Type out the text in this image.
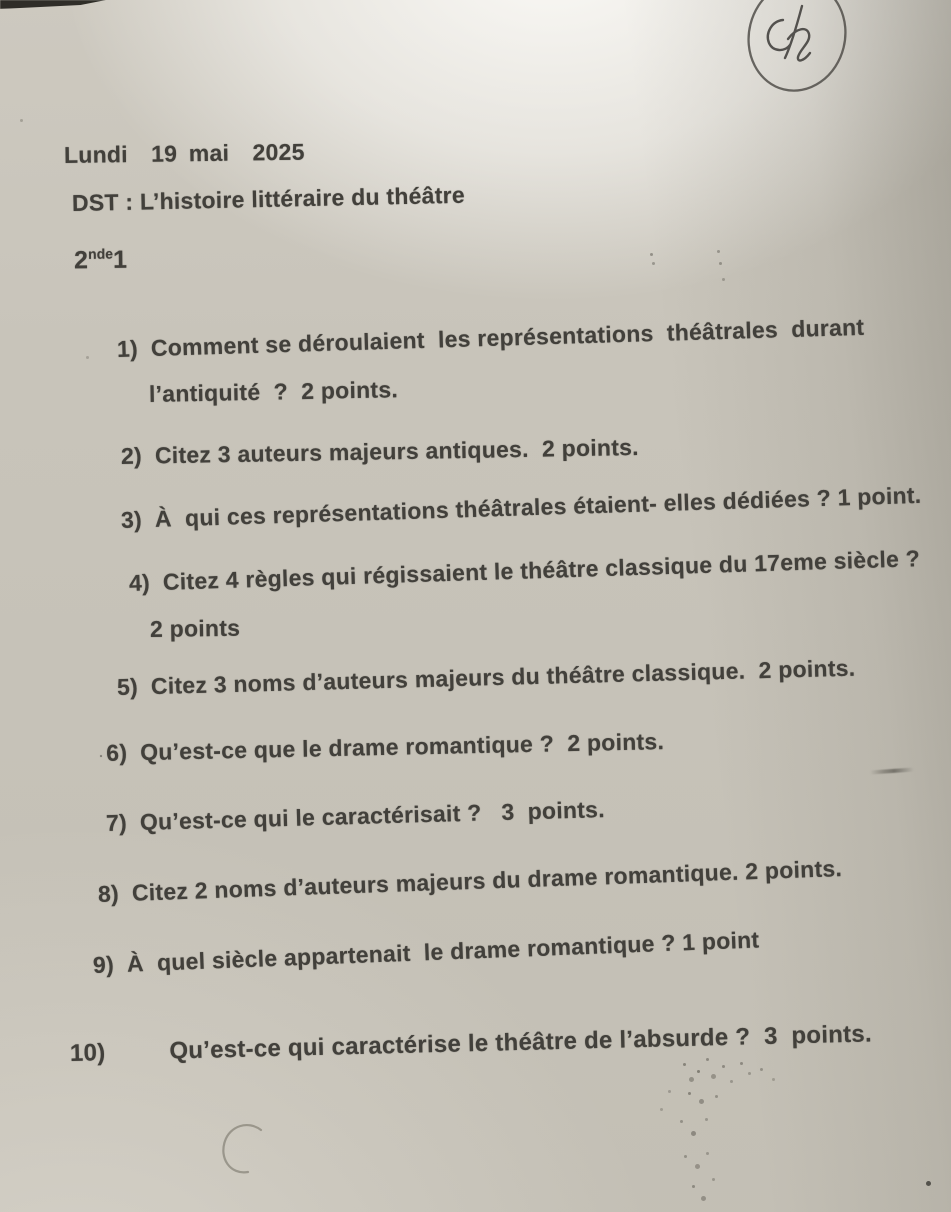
Lundi  19 mai  2025
DST : L’histoire littéraire du théâtre
2nde1
1) Comment se déroulaient  les représentations  théâtrales  durant
l’antiquité  ?  2 points.
2) Citez 3 auteurs majeurs antiques.  2 points.
3) À  qui ces représentations théâtrales étaient- elles dédiées ? 1 point.
4) Citez 4 règles qui régissaient le théâtre classique du 17eme siècle ?
2 points
5) Citez 3 noms d’auteurs majeurs du théâtre classique.  2 points.
·6) Qu’est-ce que le drame romantique ?  2 points.
7) Qu’est-ce qui le caractérisait ?   3  points.
8) Citez 2 noms d’auteurs majeurs du drame romantique. 2 points.
9) À  quel siècle appartenait  le drame romantique ? 1 point
10)	Qu’est-ce qui caractérise le théâtre de l’absurde ?  3  points.
